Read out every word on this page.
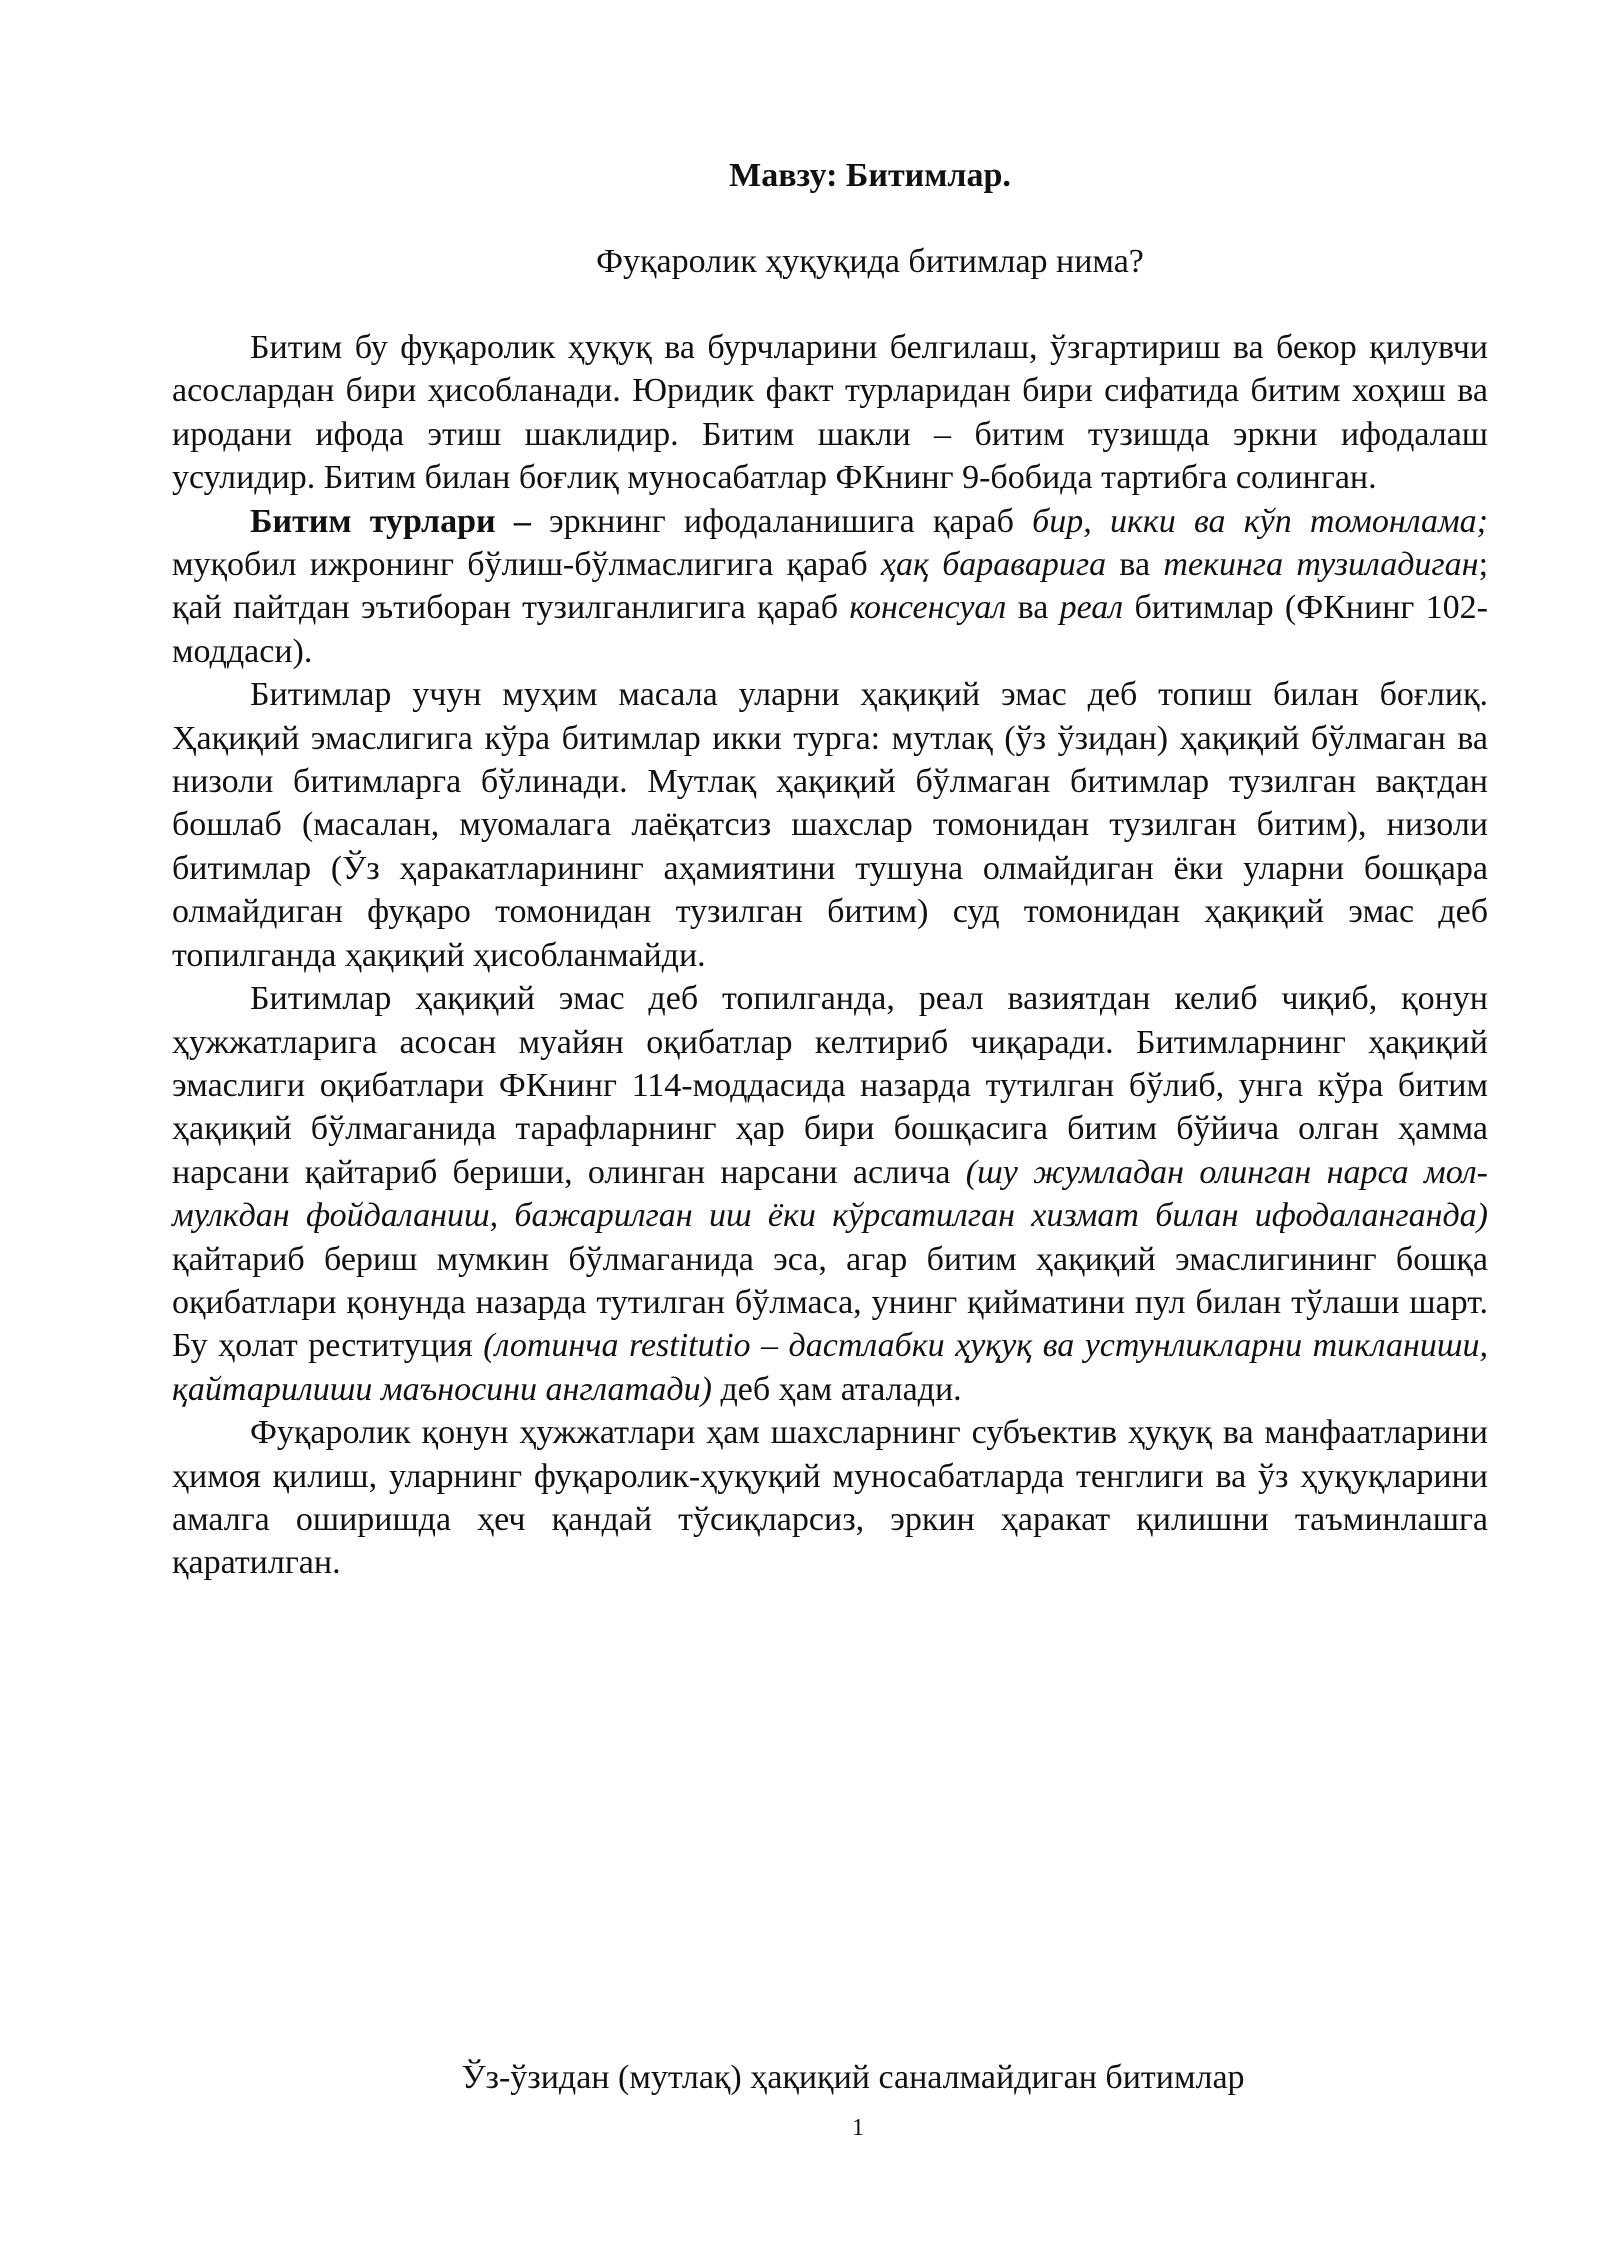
Мавзу: Битимлар.
Фуқаролик ҳуқуқида битимлар нима?

Битим бу фуқаролик ҳуқуқ ва бурчларини белгилаш, ўзгартириш ва бекор қилувчи асослардан бири ҳисобланади. Юридик факт турларидан бири сифатида битим хоҳиш ва иродани ифода этиш шаклидир. Битим шакли – битим тузишда эркни ифодалаш усулидир. Битим билан боғлиқ муносабатлар ФКнинг 9-бобида тартибга солинган.

Битим турлари – эркнинг ифодаланишига қараб бир, икки ва кўп томонлама; муқобил ижронинг бўлиш-бўлмаслигига қараб ҳақ бараварига ва текинга тузиладиган; қай пайтдан эътиборан тузилганлигига қараб консенсуал ва реал битимлар (ФКнинг 102-моддаси).

Битимлар учун муҳим масала уларни ҳақиқий эмас деб топиш билан боғлиқ. Ҳақиқий эмаслигига кўра битимлар икки турга: мутлақ (ўз ўзидан) ҳақиқий бўлмаган ва низоли битимларга бўлинади. Мутлақ ҳақиқий бўлмаган битимлар тузилган вақтдан бошлаб (масалан, муомалага лаёқатсиз шахслар томонидан тузилган битим), низоли битимлар (Ўз ҳаракатларининг аҳамиятини тушуна олмайдиган ёки уларни бошқара олмайдиган фуқаро томонидан тузилган битим) суд томонидан ҳақиқий эмас деб топилганда ҳақиқий ҳисобланмайди.

Битимлар ҳақиқий эмас деб топилганда, реал вазиятдан келиб чиқиб, қонун ҳужжатларига асосан муайян оқибатлар келтириб чиқаради. Битимларнинг ҳақиқий эмаслиги оқибатлари ФКнинг 114-моддасида назарда тутилган бўлиб, унга кўра битим ҳақиқий бўлмаганида тарафларнинг ҳар бири бошқасига битим бўйича олган ҳамма нарсани қайтариб бериши, олинган нарсани аслича (шу жумладан олинган нарса мол-мулкдан фойдаланиш, бажарилган иш ёки кўрсатилган хизмат билан ифодаланганда) қайтариб бериш мумкин бўлмаганида эса, агар битим ҳақиқий эмаслигининг бошқа оқибатлари қонунда назарда тутилган бўлмаса, унинг қийматини пул билан тўлаши шарт. Бу ҳолат реституция (лотинча restitutio – дастлабки ҳуқуқ ва устунликларни тикланиши, қайтарилиши маъносини англатади) деб ҳам аталади.

Фуқаролик қонун ҳужжатлари ҳам шахсларнинг субъектив ҳуқуқ ва манфаатларини ҳимоя қилиш, уларнинг фуқаролик-ҳуқуқий муносабатларда тенглиги ва ўз ҳуқуқларини амалга оширишда ҳеч қандай тўсиқларсиз, эркин ҳаракат қилишни таъминлашга қаратилган.

Ўз-ўзидан (мутлақ) ҳақиқий саналмайдиган битимлар
1
